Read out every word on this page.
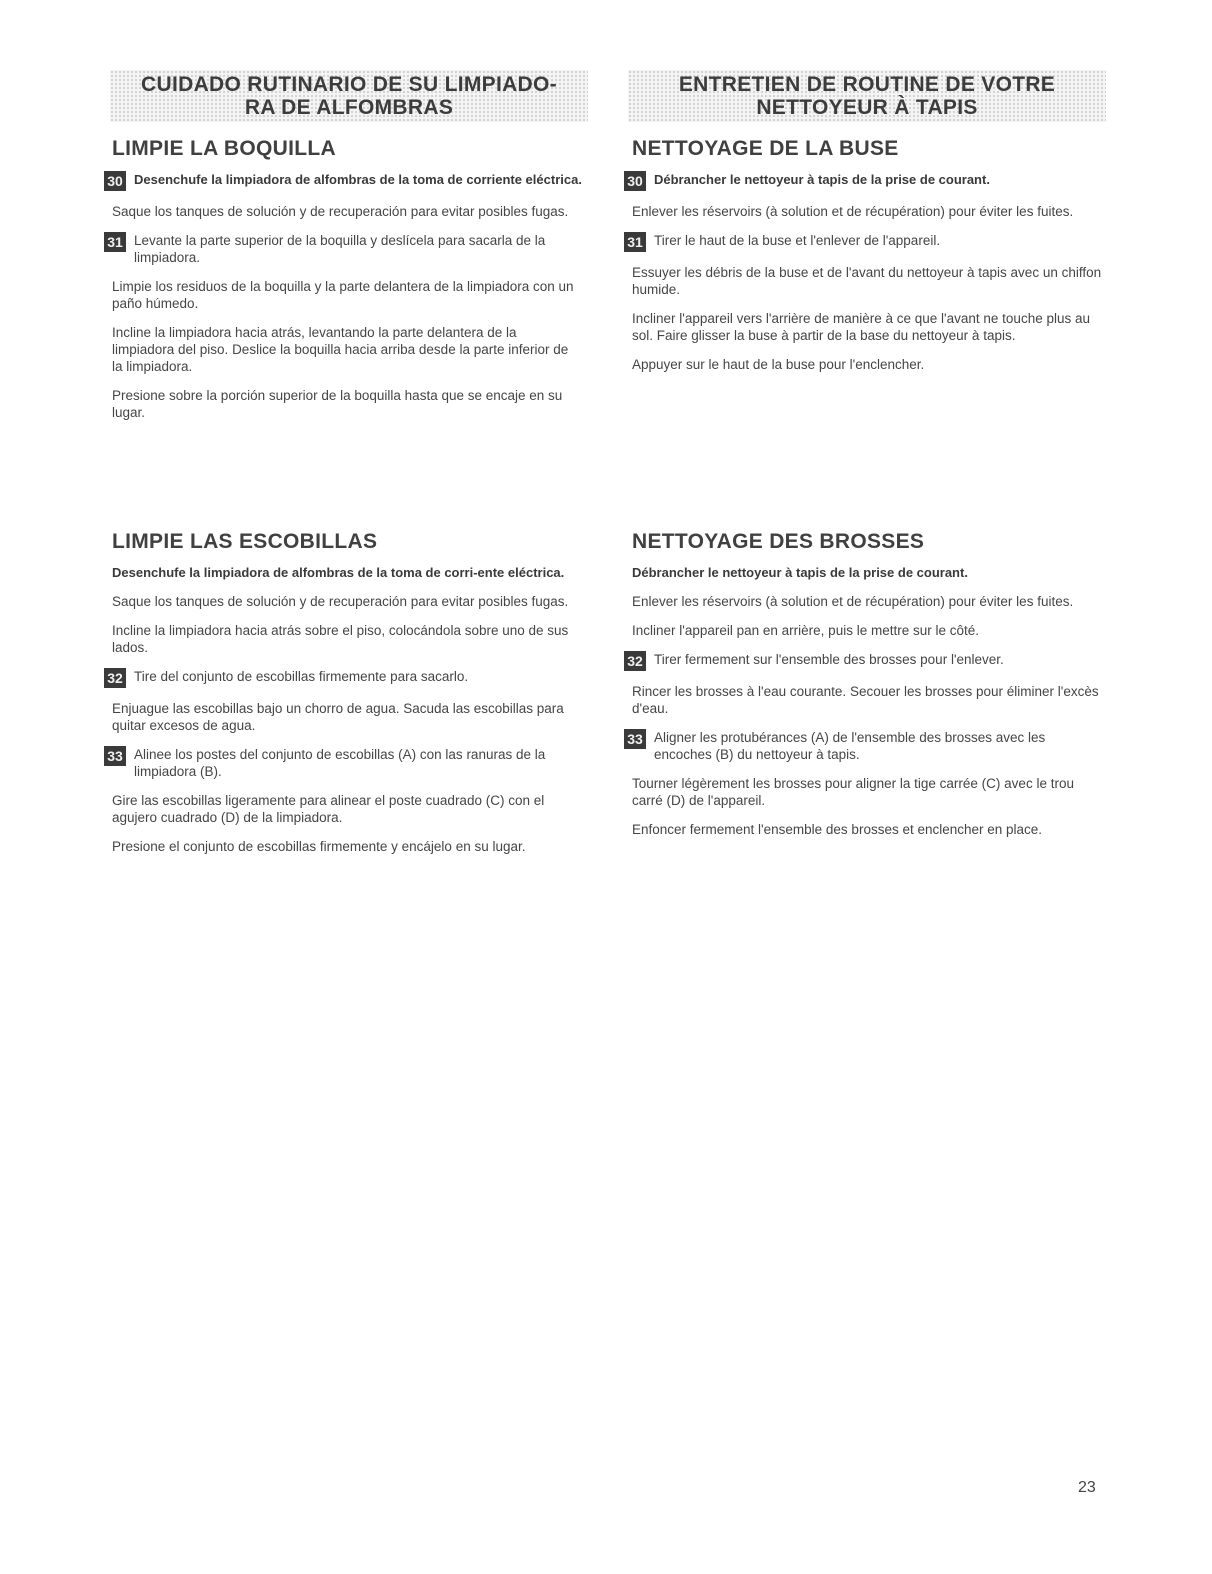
CUIDADO RUTINARIO DE SU LIMPIADO-
RA DE ALFOMBRAS
ENTRETIEN DE ROUTINE DE VOTRE
NETTOYEUR À TAPIS
LIMPIE LA BOQUILLA
30 Desenchufe la limpiadora de alfombras de la toma de corriente eléctrica.

Saque los tanques de solución y de recuperación para evitar posibles fugas.

31 Levante la parte superior de la boquilla y deslícela para sacarla de la limpiadora.

Limpie los residuos de la boquilla y la parte delantera de la limpiadora con un paño húmedo.

Incline la limpiadora hacia atrás, levantando la parte delantera de la limpiadora del piso. Deslice la boquilla hacia arriba desde la parte inferior de la limpiadora.

Presione sobre la porción superior de la boquilla hasta que se encaje en su lugar.

NETTOYAGE DE LA BUSE
30 Débrancher le nettoyeur à tapis de la prise de courant.

Enlever les réservoirs (à solution et de récupération) pour éviter les fuites.

31 Tirer le haut de la buse et l'enlever de l'appareil.

Essuyer les débris de la buse et de l'avant du nettoyeur à tapis avec un chiffon humide.

Incliner l'appareil vers l'arrière de manière à ce que l'avant ne touche plus au sol. Faire glisser la buse à partir de la base du nettoyeur à tapis.

Appuyer sur le haut de la buse pour l'enclencher.

LIMPIE LAS ESCOBILLAS

Desenchufe la limpiadora de alfombras de la toma de corri-ente eléctrica.

Saque los tanques de solución y de recuperación para evitar posibles fugas.

Incline la limpiadora hacia atrás sobre el piso, colocándola sobre uno de sus lados.

32 Tire del conjunto de escobillas firmemente para sacarlo.

Enjuague las escobillas bajo un chorro de agua. Sacuda las escobillas para quitar excesos de agua.

33 Alinee los postes del conjunto de escobillas (A) con las ranuras de la limpiadora (B).

Gire las escobillas ligeramente para alinear el poste cuadrado (C) con el agujero cuadrado (D) de la limpiadora.

Presione el conjunto de escobillas firmemente y encájelo en su lugar.

NETTOYAGE DES BROSSES

Débrancher le nettoyeur à tapis de la prise de courant.

Enlever les réservoirs (à solution et de récupération) pour éviter les fuites.

Incliner l'appareil pan en arrière, puis le mettre sur le côté.

32 Tirer fermement sur l'ensemble des brosses pour l'enlever.

Rincer les brosses à l'eau courante. Secouer les brosses pour éliminer l'excès d'eau.

33 Aligner les protubérances (A) de l'ensemble des brosses avec les encoches (B) du nettoyeur à tapis.

Tourner légèrement les brosses pour aligner la tige carrée (C) avec le trou carré (D) de l'appareil.

Enfoncer fermement l'ensemble des brosses et enclencher en place.

23
